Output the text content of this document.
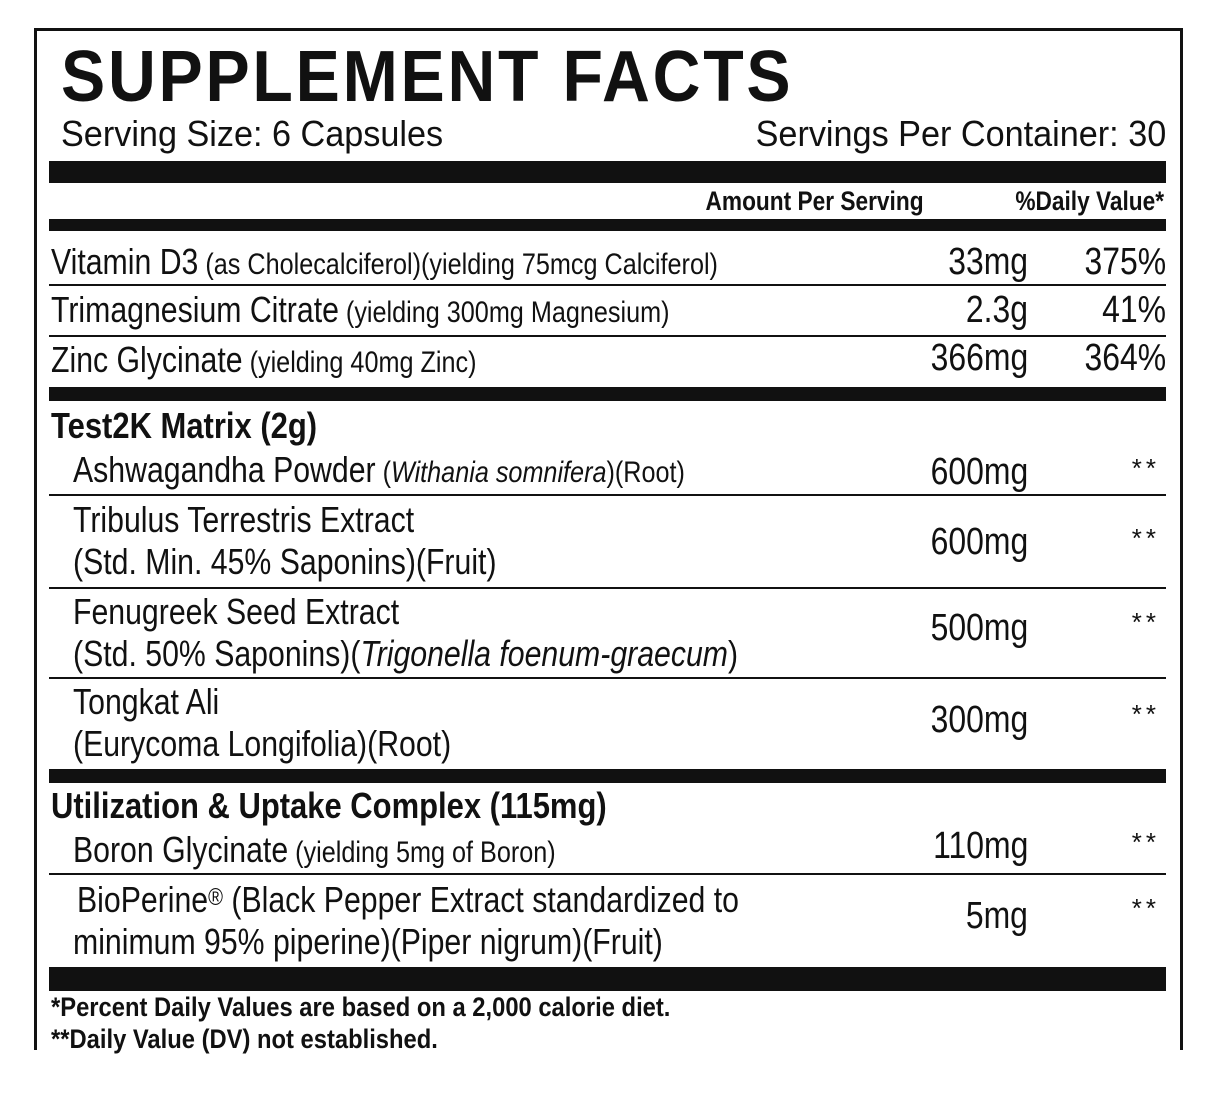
SUPPLEMENT FACTS
Serving Size: 6 Capsules	Servings Per Container: 30
Amount Per Serving	%Daily Value*
Vitamin D3 (as Cholecalciferol)(yielding 75mcg Calciferol)	33mg	375%
Trimagnesium Citrate (yielding 300mg Magnesium)	2.3g	41%
Zinc Glycinate (yielding 40mg Zinc)	366mg	364%
Test2K Matrix (2g)
Ashwagandha Powder (Withania somnifera)(Root)	600mg	**
Tribulus Terrestris Extract
(Std. Min. 45% Saponins)(Fruit)	600mg	**
Fenugreek Seed Extract
(Std. 50% Saponins)(Trigonella foenum-graecum)
500mg	**
Tongkat Ali
(Eurycoma Longifolia)(Root)
300mg	**
Utilization & Uptake Complex (115mg)
Boron Glycinate (yielding 5mg of Boron)	110mg	**
BioPerine® (Black Pepper Extract standardized to
minimum 95% piperine)(Piper nigrum)(Fruit)
5mg	**
*Percent Daily Values are based on a 2,000 calorie diet.
**Daily Value (DV) not established.
